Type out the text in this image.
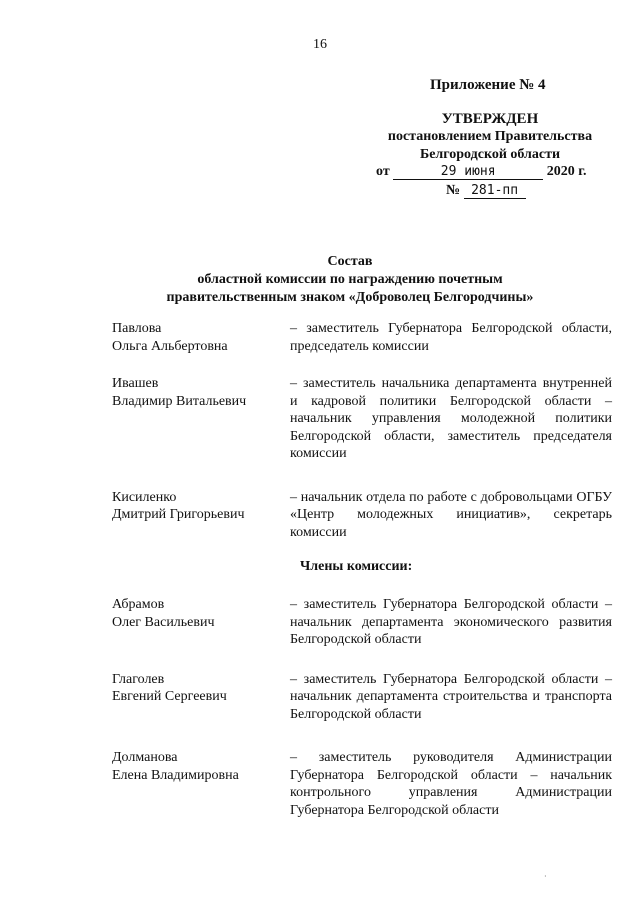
16
Приложение № 4
УТВЕРЖДЕН
постановлением Правительства
Белгородской области
от	29 июня	2020 г.
№ 281-пп
Состав
областной комиссии по награждению почетным
правительственным знаком «Доброволец Белгородчины»
Павлова
Ольга Альбертовна
– заместитель Губернатора Белгородской области, председатель комиссии
Ивашев
Владимир Витальевич
– заместитель начальника департамента внутренней и кадровой политики Белгородской области – начальник управления молодежной политики Белгородской области, заместитель председателя комиссии
Кисиленко
Дмитрий Григорьевич
– начальник отдела по работе с добровольцами ОГБУ «Центр молодежных инициатив», секретарь комиссии
Члены комиссии:
Абрамов
Олег Васильевич
– заместитель Губернатора Белгородской области – начальник департамента экономического развития Белгородской области
Глаголев
Евгений Сергеевич
– заместитель Губернатора Белгородской области – начальник департамента строительства и транспорта Белгородской области
Долманова
Елена Владимировна
– заместитель руководителя Администрации Губернатора Белгородской области – начальник контрольного управления Администрации Губернатора Белгородской области
·
